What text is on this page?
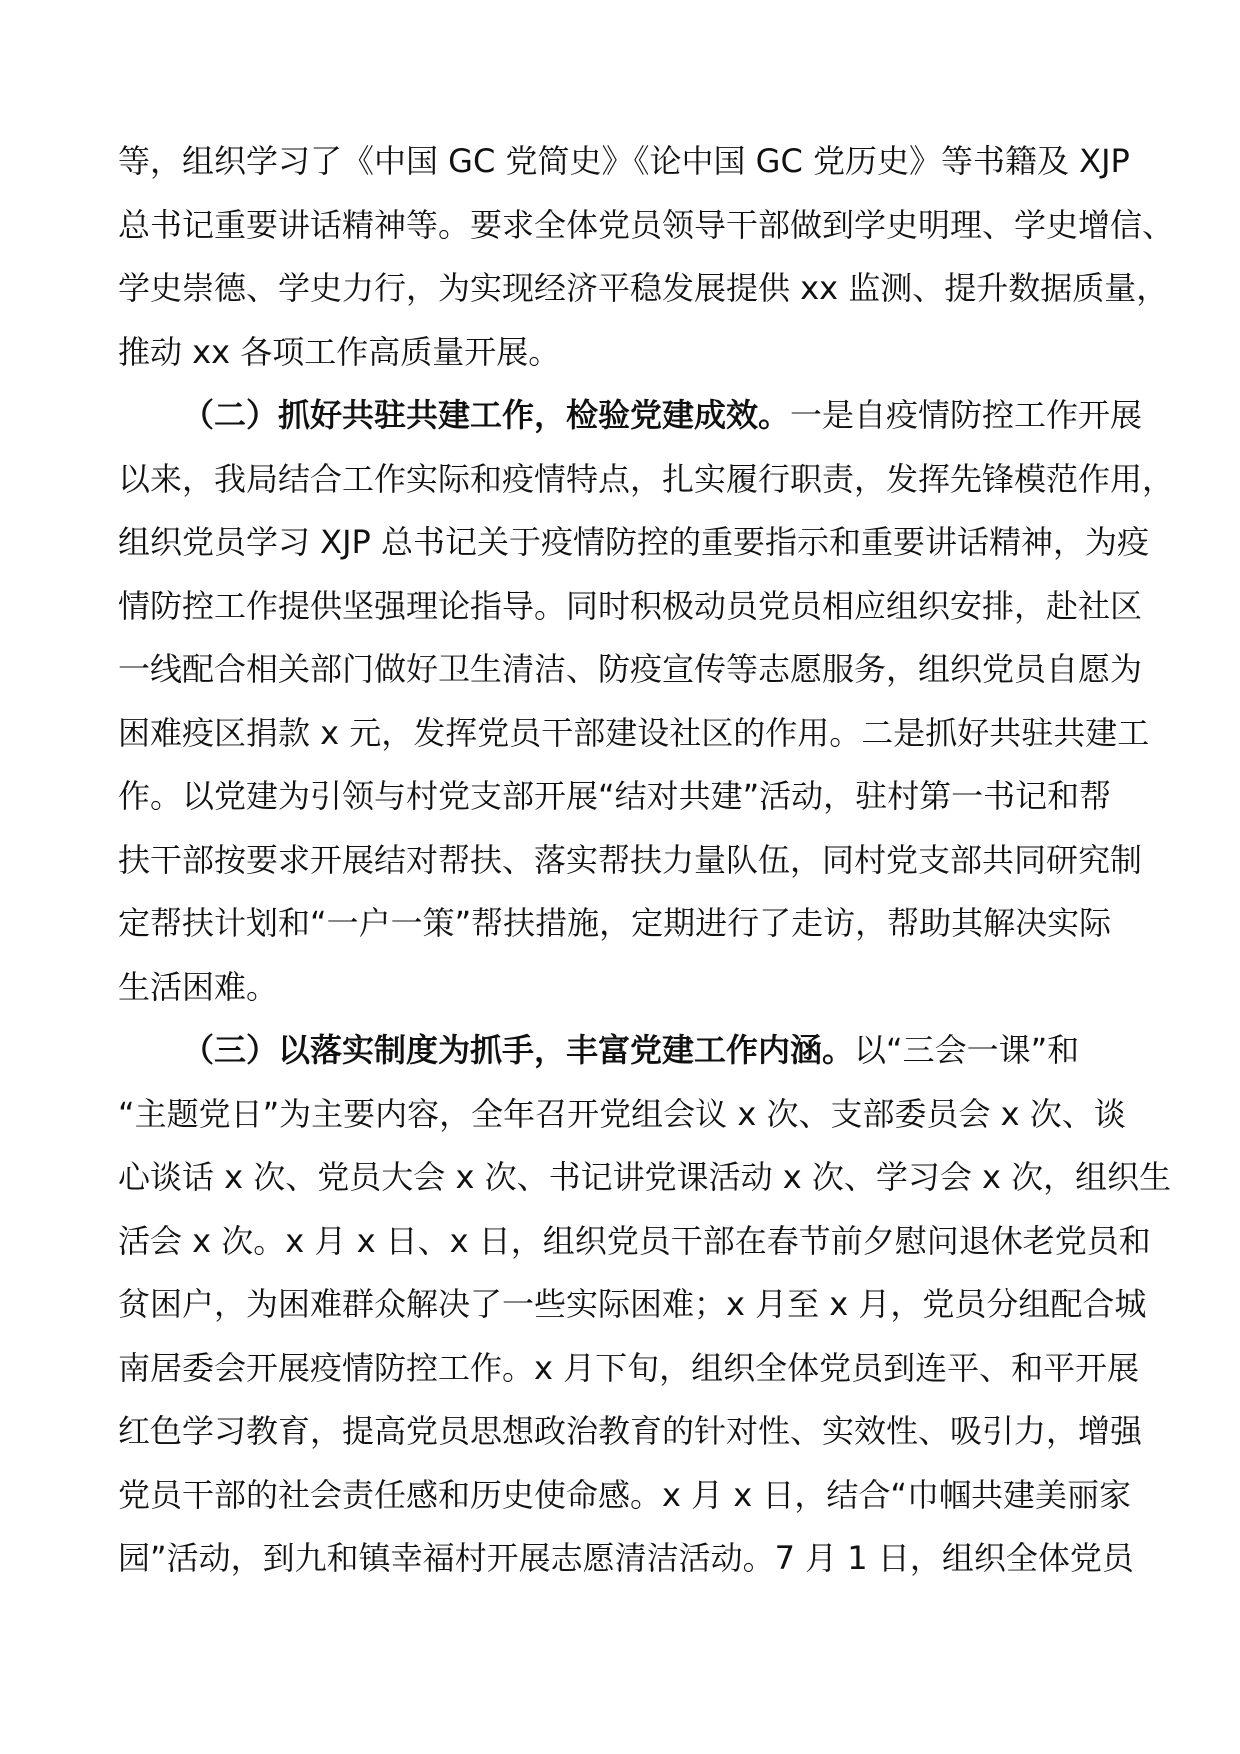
等，组织学习了《中国 GC 党简史》《论中国 GC 党历史》等书籍及 XJP
总书记重要讲话精神等。要求全体党员领导干部做到学史明理、学史增信、
学史崇德、学史力行，为实现经济平稳发展提供 xx 监测、提升数据质量，
推动 xx 各项工作高质量开展。
（二）抓好共驻共建工作，检验党建成效。一是自疫情防控工作开展
以来，我局结合工作实际和疫情特点，扎实履行职责，发挥先锋模范作用，
组织党员学习 XJP 总书记关于疫情防控的重要指示和重要讲话精神，为疫
情防控工作提供坚强理论指导。同时积极动员党员相应组织安排，赴社区
一线配合相关部门做好卫生清洁、防疫宣传等志愿服务，组织党员自愿为
困难疫区捐款 x 元，发挥党员干部建设社区的作用。二是抓好共驻共建工
作。以党建为引领与村党支部开展“结对共建”活动，驻村第一书记和帮
扶干部按要求开展结对帮扶、落实帮扶力量队伍，同村党支部共同研究制
定帮扶计划和“一户一策”帮扶措施，定期进行了走访，帮助其解决实际
生活困难。
（三）以落实制度为抓手，丰富党建工作内涵。以“三会一课”和
“主题党日”为主要内容，全年召开党组会议 x 次、支部委员会 x 次、谈
心谈话 x 次、党员大会 x 次、书记讲党课活动 x 次、学习会 x 次，组织生
活会 x 次。x 月 x 日、x 日，组织党员干部在春节前夕慰问退休老党员和
贫困户，为困难群众解决了一些实际困难；x 月至 x 月，党员分组配合城
南居委会开展疫情防控工作。x 月下旬，组织全体党员到连平、和平开展
红色学习教育，提高党员思想政治教育的针对性、实效性、吸引力，增强
党员干部的社会责任感和历史使命感。x 月 x 日，结合“巾帼共建美丽家
园”活动，到九和镇幸福村开展志愿清洁活动。7 月 1 日，组织全体党员
